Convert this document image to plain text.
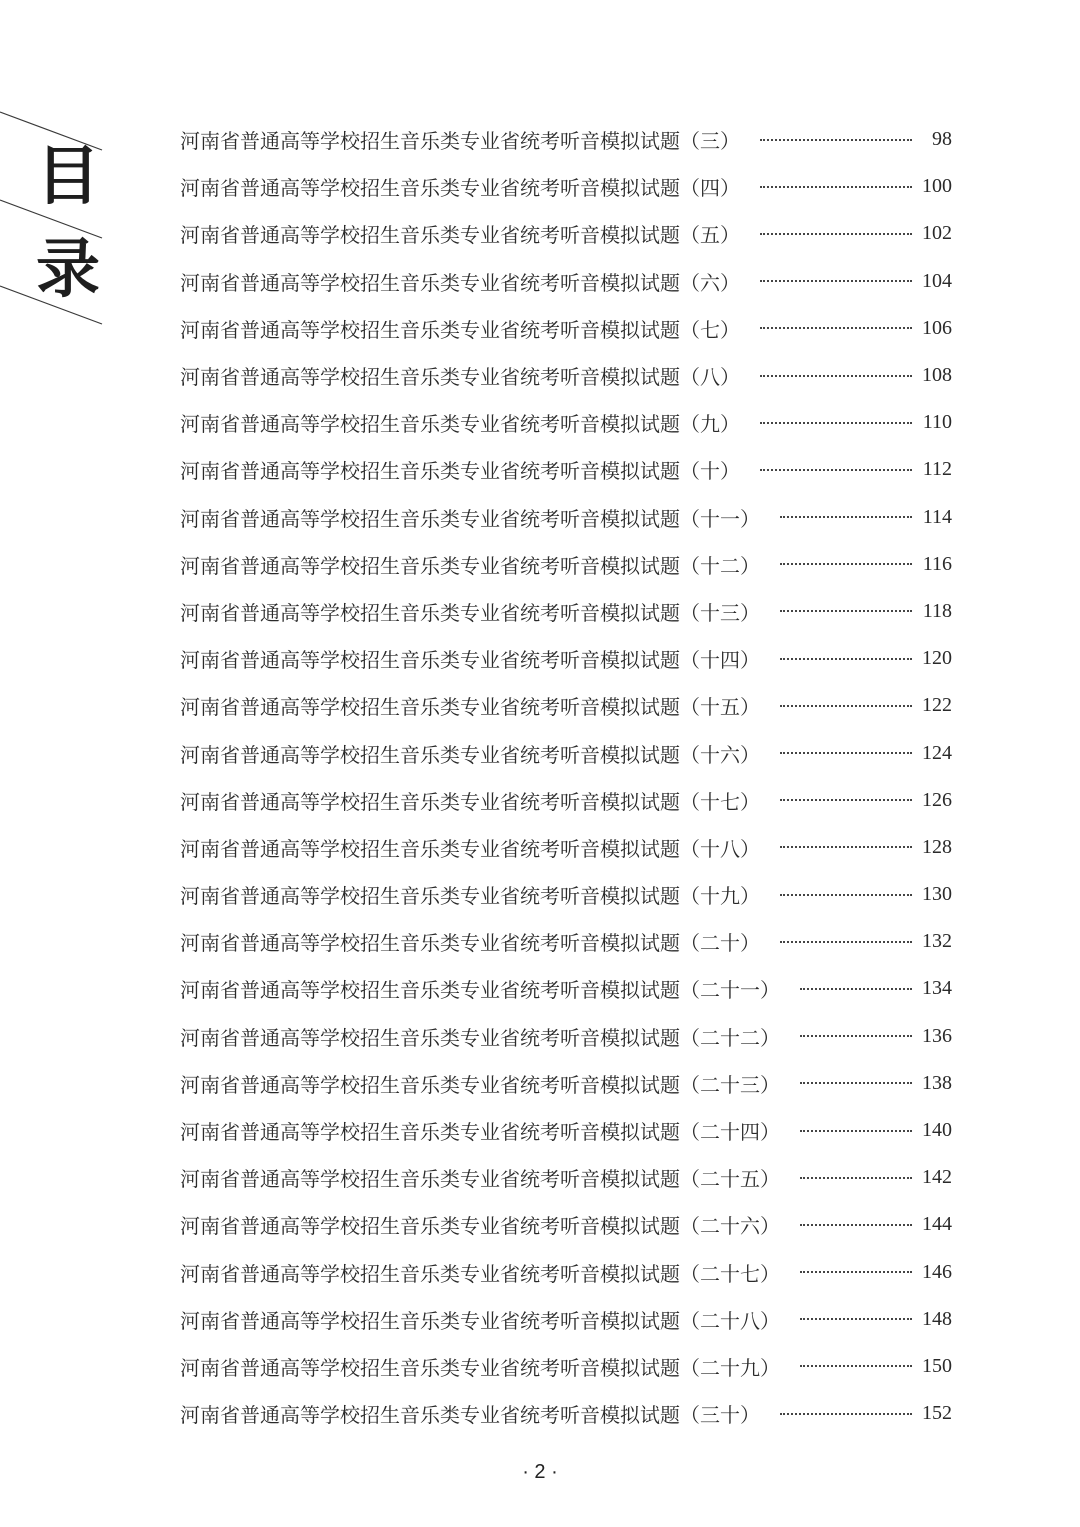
目
录
河南省普通高等学校招生音乐类专业省统考听音模拟试题（三）	98
河南省普通高等学校招生音乐类专业省统考听音模拟试题（四）	100
河南省普通高等学校招生音乐类专业省统考听音模拟试题（五）	102
河南省普通高等学校招生音乐类专业省统考听音模拟试题（六）	104
河南省普通高等学校招生音乐类专业省统考听音模拟试题（七）	106
河南省普通高等学校招生音乐类专业省统考听音模拟试题（八）	108
河南省普通高等学校招生音乐类专业省统考听音模拟试题（九）	110
河南省普通高等学校招生音乐类专业省统考听音模拟试题（十）	112
河南省普通高等学校招生音乐类专业省统考听音模拟试题（十一）	114
河南省普通高等学校招生音乐类专业省统考听音模拟试题（十二）	116
河南省普通高等学校招生音乐类专业省统考听音模拟试题（十三）	118
河南省普通高等学校招生音乐类专业省统考听音模拟试题（十四）	120
河南省普通高等学校招生音乐类专业省统考听音模拟试题（十五）	122
河南省普通高等学校招生音乐类专业省统考听音模拟试题（十六）	124
河南省普通高等学校招生音乐类专业省统考听音模拟试题（十七）	126
河南省普通高等学校招生音乐类专业省统考听音模拟试题（十八）	128
河南省普通高等学校招生音乐类专业省统考听音模拟试题（十九）	130
河南省普通高等学校招生音乐类专业省统考听音模拟试题（二十）	132
河南省普通高等学校招生音乐类专业省统考听音模拟试题（二十一）	134
河南省普通高等学校招生音乐类专业省统考听音模拟试题（二十二）	136
河南省普通高等学校招生音乐类专业省统考听音模拟试题（二十三）	138
河南省普通高等学校招生音乐类专业省统考听音模拟试题（二十四）	140
河南省普通高等学校招生音乐类专业省统考听音模拟试题（二十五）	142
河南省普通高等学校招生音乐类专业省统考听音模拟试题（二十六）	144
河南省普通高等学校招生音乐类专业省统考听音模拟试题（二十七）	146
河南省普通高等学校招生音乐类专业省统考听音模拟试题（二十八）	148
河南省普通高等学校招生音乐类专业省统考听音模拟试题（二十九）	150
河南省普通高等学校招生音乐类专业省统考听音模拟试题（三十）	152
· 2 ·
